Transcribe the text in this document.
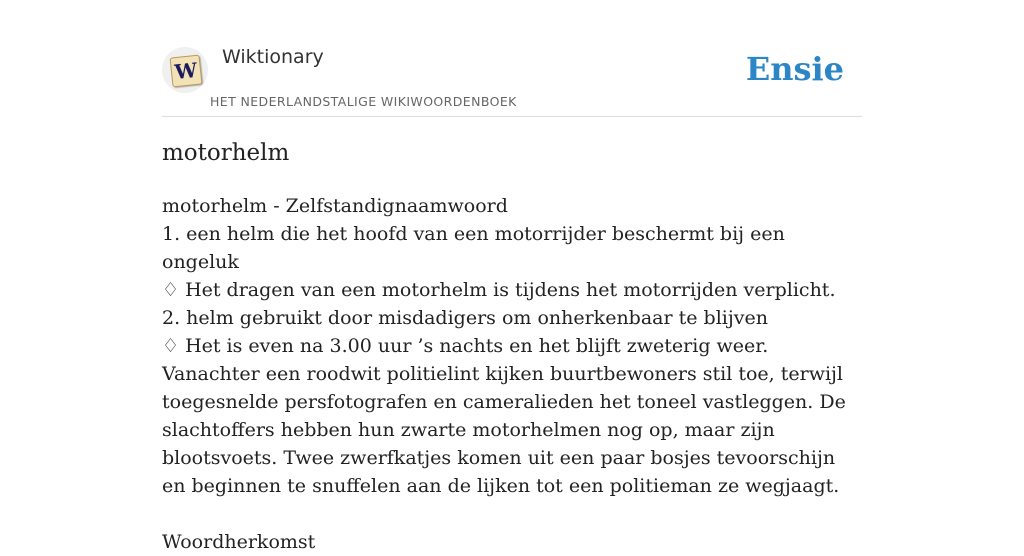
W
Wiktionary
HET NEDERLANDSTALIGE WIKIWOORDENBOEK
Ensie
motorhelm
motorhelm - Zelfstandignaamwoord
1. een helm die het hoofd van een motorrijder beschermt bij een ongeluk
♢ Het dragen van een motorhelm is tijdens het motorrijden verplicht.
2. helm gebruikt door misdadigers om onherkenbaar te blijven
♢ Het is even na 3.00 uur ’s nachts en het blijft zweterig weer. Vanachter een roodwit politielint kijken buurtbewoners stil toe, terwijl toegesnelde persfotografen en cameralieden het toneel vastleggen. De slachtoffers hebben hun zwarte motorhelmen nog op, maar zijn blootsvoets. Twee zwerfkatjes komen uit een paar bosjes tevoorschijn en beginnen te snuffelen aan de lijken tot een politieman ze wegjaagt.
Woordherkomst
